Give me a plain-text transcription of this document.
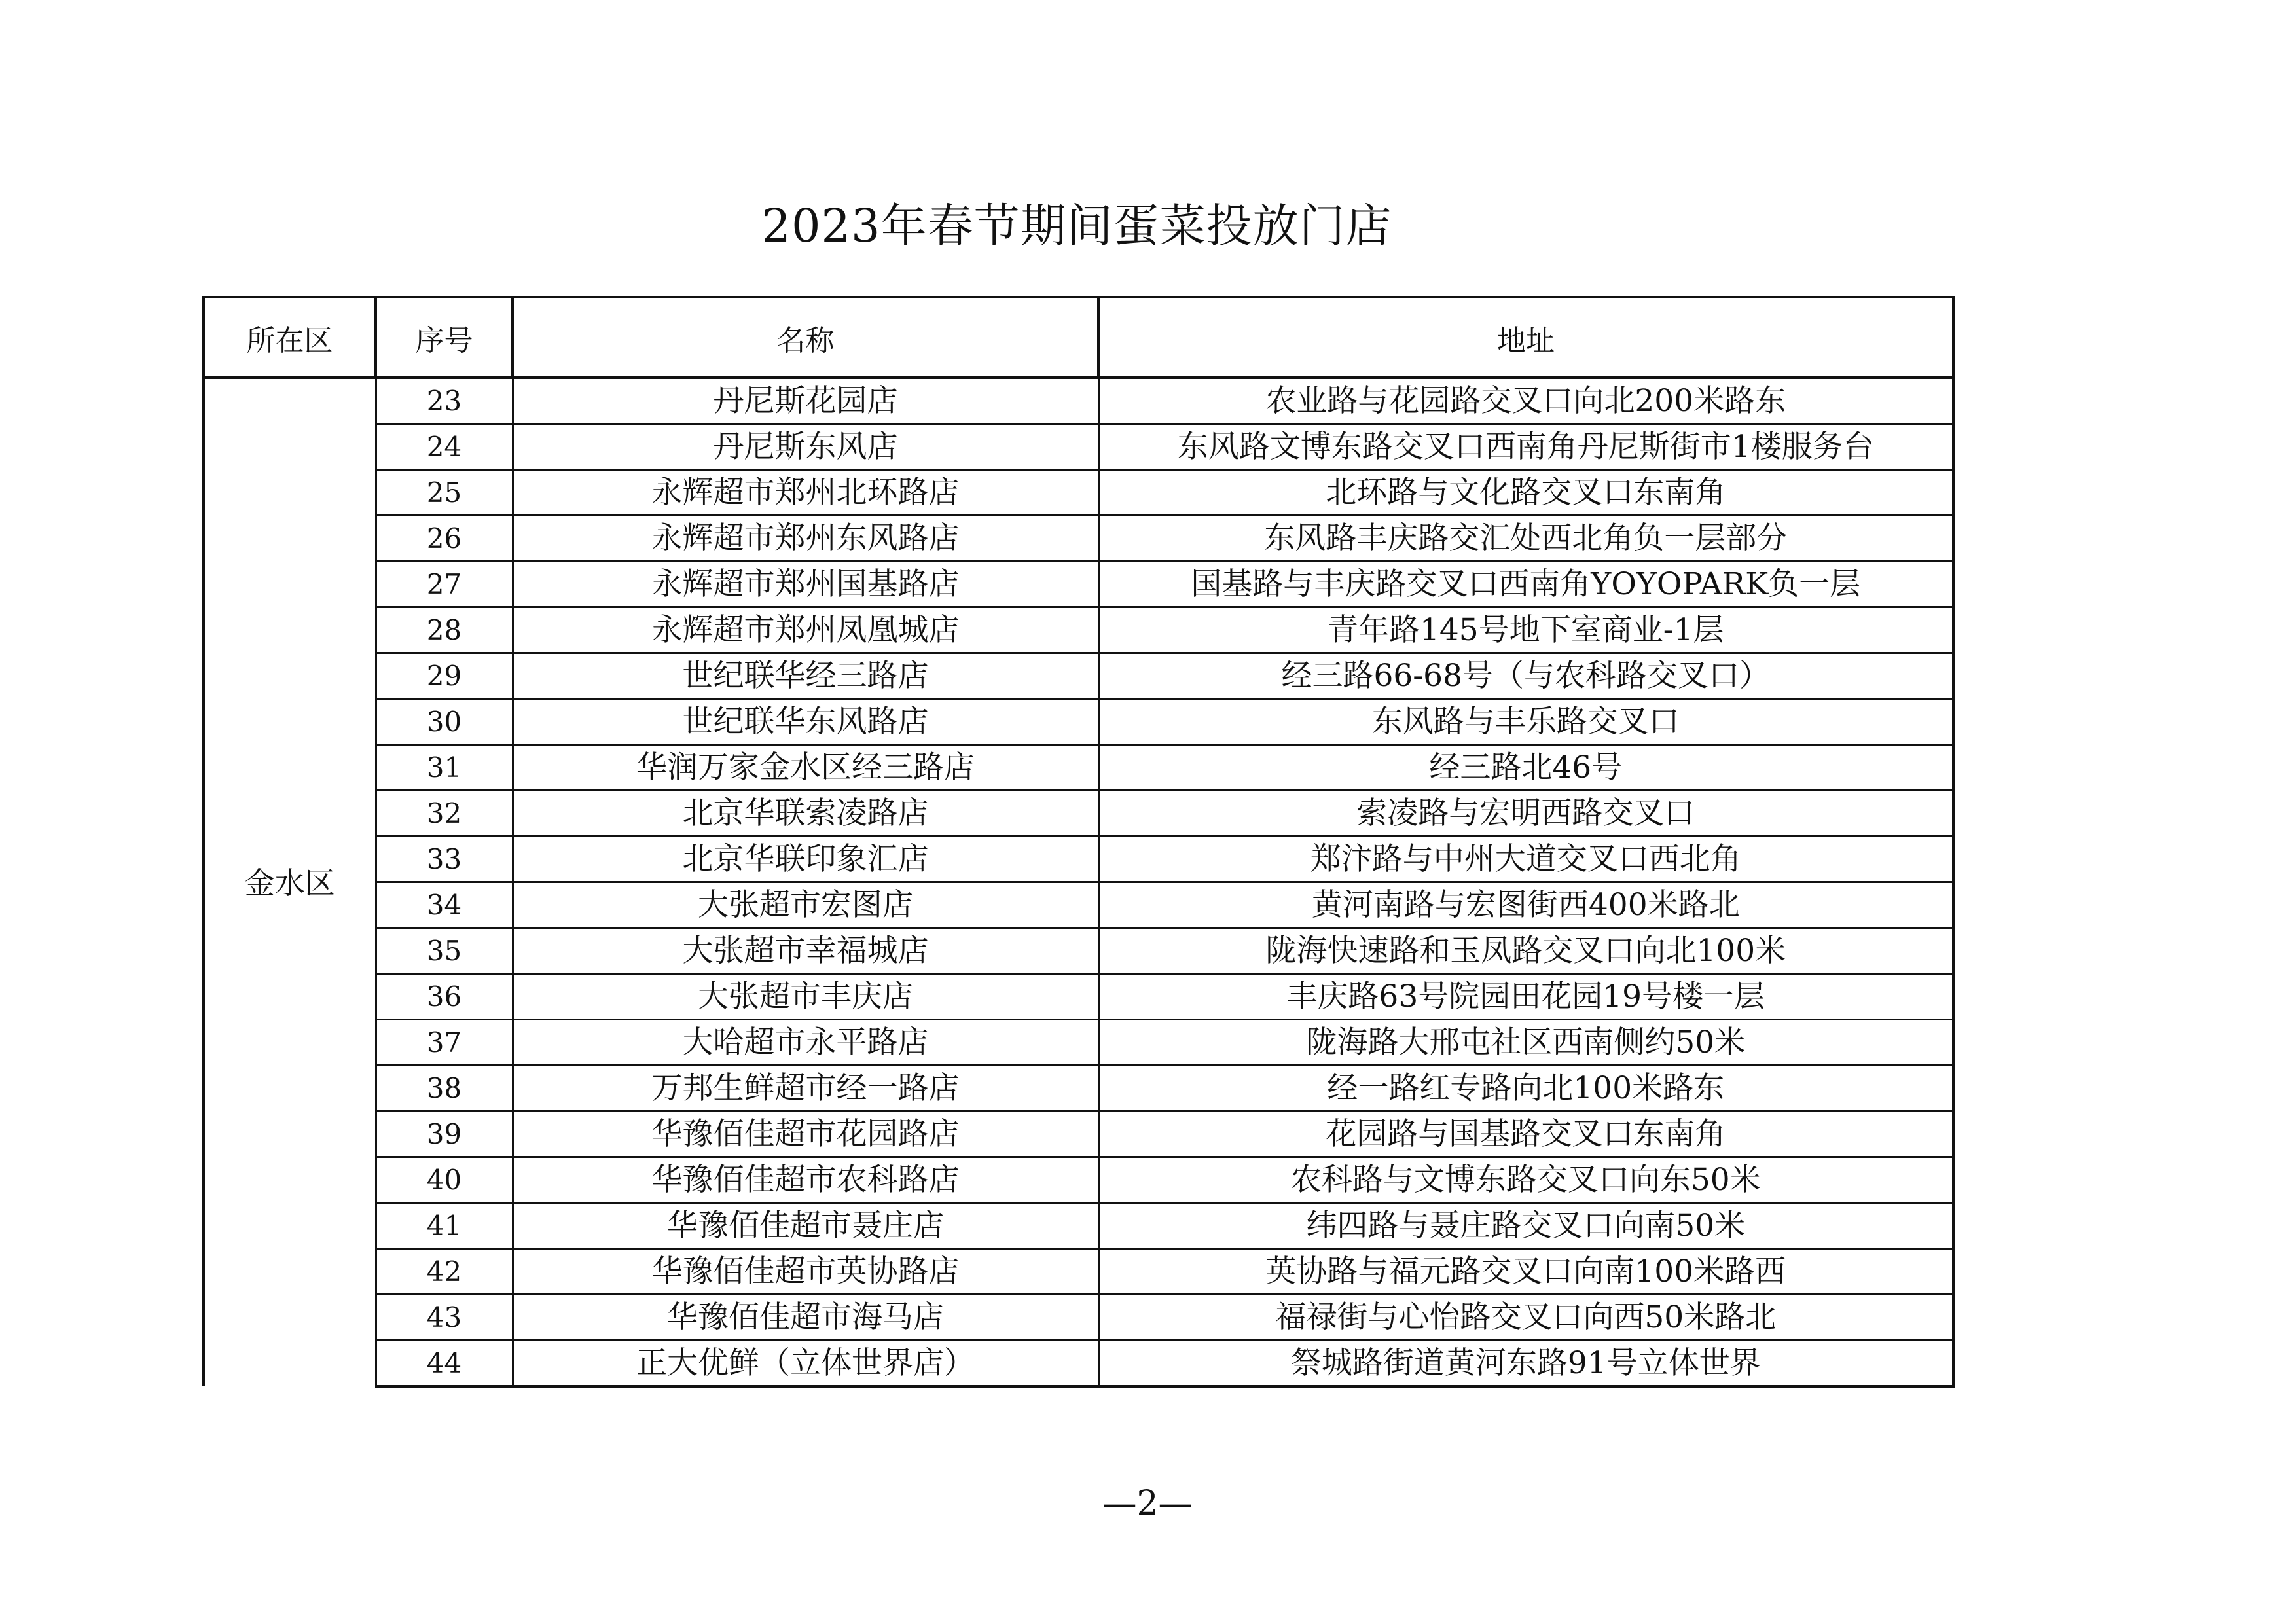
2023年春节期间蛋菜投放门店
所在区	序号	名称	地址
金水区	23	丹尼斯花园店	农业路与花园路交叉口向北200米路东
	24	丹尼斯东风店	东风路文博东路交叉口西南角丹尼斯街市1楼服务台
	25	永辉超市郑州北环路店	北环路与文化路交叉口东南角
	26	永辉超市郑州东风路店	东风路丰庆路交汇处西北角负一层部分
	27	永辉超市郑州国基路店	国基路与丰庆路交叉口西南角YOYOPARK负一层
	28	永辉超市郑州凤凰城店	青年路145号地下室商业-1层
	29	世纪联华经三路店	经三路66-68号（与农科路交叉口）
	30	世纪联华东风路店	东风路与丰乐路交叉口
	31	华润万家金水区经三路店	经三路北46号
	32	北京华联索凌路店	索凌路与宏明西路交叉口
	33	北京华联印象汇店	郑汴路与中州大道交叉口西北角
	34	大张超市宏图店	黄河南路与宏图街西400米路北
	35	大张超市幸福城店	陇海快速路和玉凤路交叉口向北100米
	36	大张超市丰庆店	丰庆路63号院园田花园19号楼一层
	37	大哈超市永平路店	陇海路大邢屯社区西南侧约50米
	38	万邦生鲜超市经一路店	经一路红专路向北100米路东
	39	华豫佰佳超市花园路店	花园路与国基路交叉口东南角
	40	华豫佰佳超市农科路店	农科路与文博东路交叉口向东50米
	41	华豫佰佳超市聂庄店	纬四路与聂庄路交叉口向南50米
	42	华豫佰佳超市英协路店	英协路与福元路交叉口向南100米路西
	43	华豫佰佳超市海马店	福禄街与心怡路交叉口向西50米路北
	44	正大优鲜（立体世界店）	祭城路街道黄河东路91号立体世界
—2—
